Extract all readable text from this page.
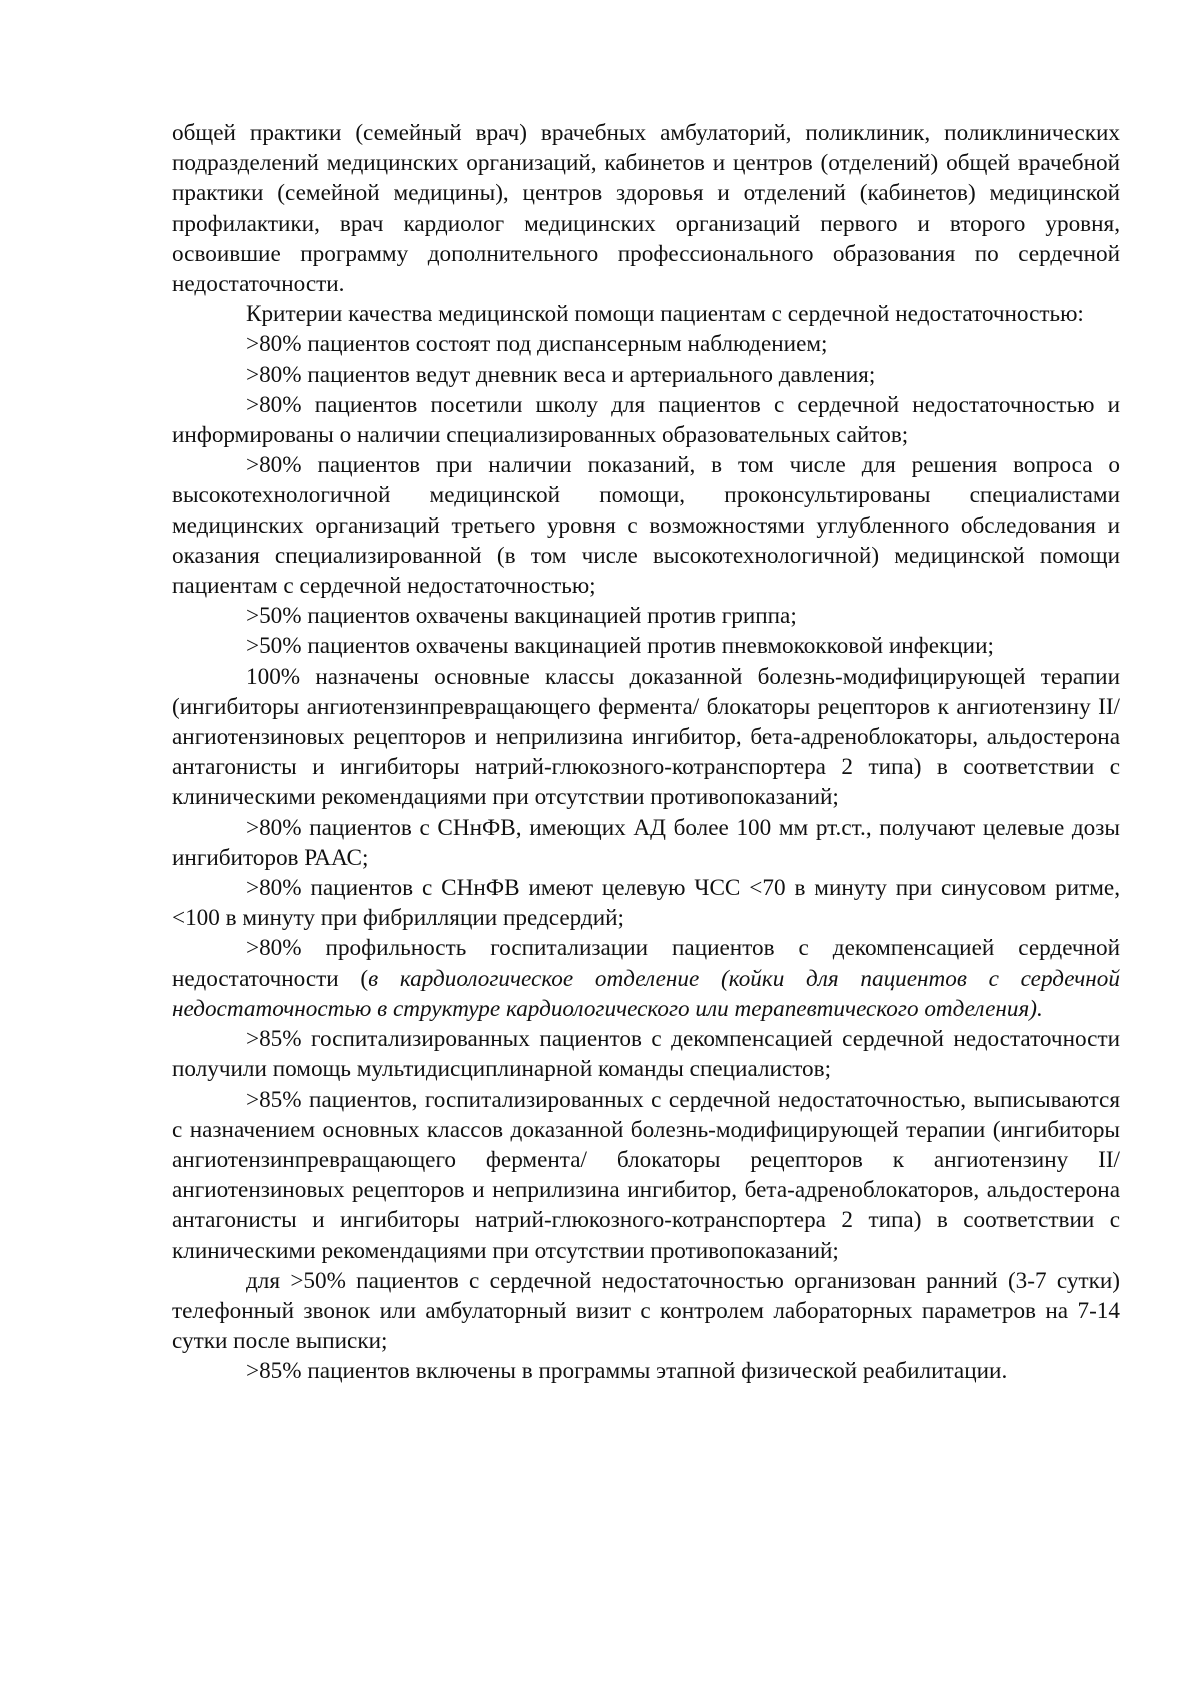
общей практики (семейный врач) врачебных амбулаторий, поликлиник, поликлинических подразделений медицинских организаций, кабинетов и центров (отделений) общей врачебной практики (семейной медицины), центров здоровья и отделений (кабинетов) медицинской профилактики, врач кардиолог медицинских организаций первого и второго уровня, освоившие программу дополнительного профессионального образования по сердечной недостаточности.

Критерии качества медицинской помощи пациентам с сердечной недостаточностью:

>80% пациентов состоят под диспансерным наблюдением;

>80% пациентов ведут дневник веса и артериального давления;

>80% пациентов посетили школу для пациентов с сердечной недостаточностью и информированы о наличии специализированных образовательных сайтов;

>80% пациентов при наличии показаний, в том числе для решения вопроса о высокотехнологичной медицинской помощи, проконсультированы специалистами медицинских организаций третьего уровня с возможностями углубленного обследования и оказания специализированной (в том числе высокотехнологичной) медицинской помощи пациентам с сердечной недостаточностью;

>50% пациентов охвачены вакцинацией против гриппа;

>50% пациентов охвачены вакцинацией против пневмококковой инфекции;

100% назначены основные классы доказанной болезнь-модифицирующей терапии (ингибиторы ангиотензинпревращающего фермента/ блокаторы рецепторов к ангиотензину II/ ангиотензиновых рецепторов и неприлизина ингибитор, бета-адреноблокаторы, альдостерона антагонисты и ингибиторы натрий-глюкозного-котранспортера 2 типа) в соответствии с клиническими рекомендациями при отсутствии противопоказаний;

>80% пациентов с СНнФВ, имеющих АД более 100 мм рт.ст., получают целевые дозы ингибиторов РААС;

>80% пациентов с СНнФВ имеют целевую ЧСС <70 в минуту при синусовом ритме, <100 в минуту при фибрилляции предсердий;

>80% профильность госпитализации пациентов с декомпенсацией сердечной недостаточности (в кардиологическое отделение (койки для пациентов с сердечной недостаточностью в структуре кардиологического или терапевтического отделения).

>85% госпитализированных пациентов с декомпенсацией сердечной недостаточности получили помощь мультидисциплинарной команды специалистов;

>85% пациентов, госпитализированных с сердечной недостаточностью, выписываются с назначением основных классов доказанной болезнь-модифицирующей терапии (ингибиторы ангиотензинпревращающего фермента/ блокаторы рецепторов к ангиотензину II/ ангиотензиновых рецепторов и неприлизина ингибитор, бета-адреноблокаторов, альдостерона антагонисты и ингибиторы натрий-глюкозного-котранспортера 2 типа) в соответствии с клиническими рекомендациями при отсутствии противопоказаний;

для >50% пациентов с сердечной недостаточностью организован ранний (3-7 сутки) телефонный звонок или амбулаторный визит с контролем лабораторных параметров на 7-14 сутки после выписки;

>85% пациентов включены в программы этапной физической реабилитации.
